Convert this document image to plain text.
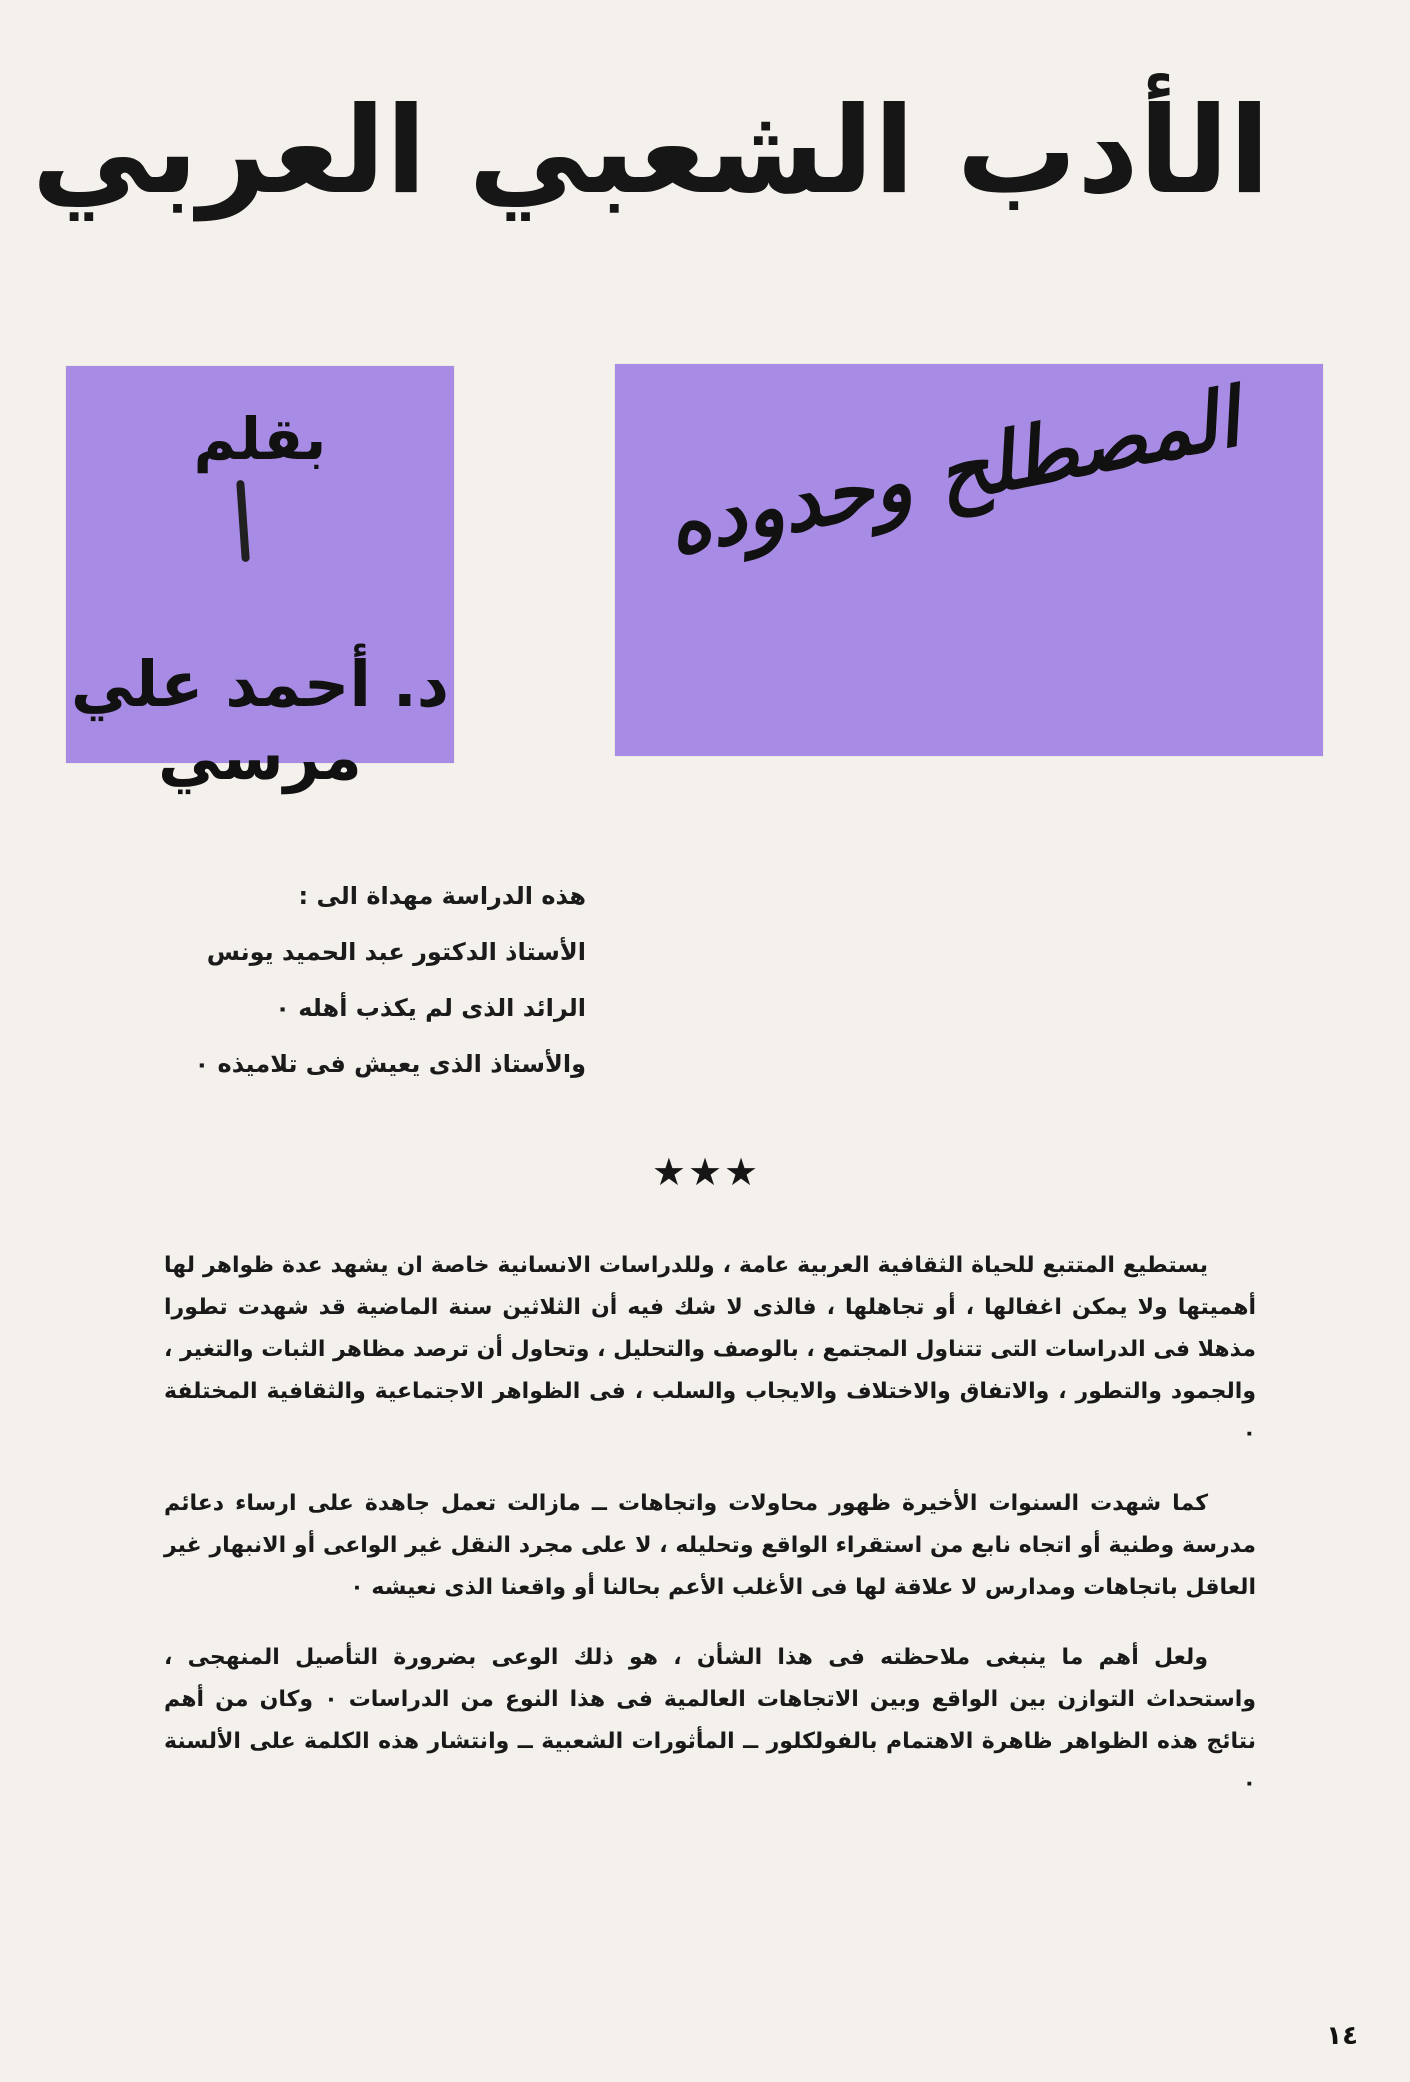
الأدب الشعبي العربي
بقلم
د. أحمد علي مرسي
المصطلح وحدوده
هذه الدراسة مهداة الى :
الأستاذ الدكتور عبد الحميد يونس
الرائد الذى لم يكذب أهله ٠
والأستاذ الذى يعيش فى تلاميذه ٠
★★★

يستطيع المتتبع للحياة الثقافية العربية عامة ، وللدراسات الانسانية خاصة ان يشهد عدة ظواهر لها أهميتها ولا يمكن اغفالها ، أو تجاهلها ، فالذى لا شك فيه أن الثلاثين سنة الماضية قد شهدت تطورا مذهلا فى الدراسات التى تتناول المجتمع ، بالوصف والتحليل ، وتحاول أن ترصد مظاهر الثبات والتغير ، والجمود والتطور ، والاتفاق والاختلاف والايجاب والسلب ، فى الظواهر الاجتماعية والثقافية المختلفة ٠

كما شهدت السنوات الأخيرة ظهور محاولات واتجاهات ــ مازالت تعمل جاهدة على ارساء دعائم مدرسة وطنية أو اتجاه نابع من استقراء الواقع وتحليله ، لا على مجرد النقل غير الواعى أو الانبهار غير العاقل باتجاهات ومدارس لا علاقة لها فى الأغلب الأعم بحالنا أو واقعنا الذى نعيشه ٠

ولعل أهم ما ينبغى ملاحظته فى هذا الشأن ، هو ذلك الوعى بضرورة التأصيل المنهجى ، واستحداث التوازن بين الواقع وبين الاتجاهات العالمية فى هذا النوع من الدراسات ٠ وكان من أهم نتائج هذه الظواهر ظاهرة الاهتمام بالفولكلور ــ المأثورات الشعبية ــ وانتشار هذه الكلمة على الألسنة ٠

١٤
